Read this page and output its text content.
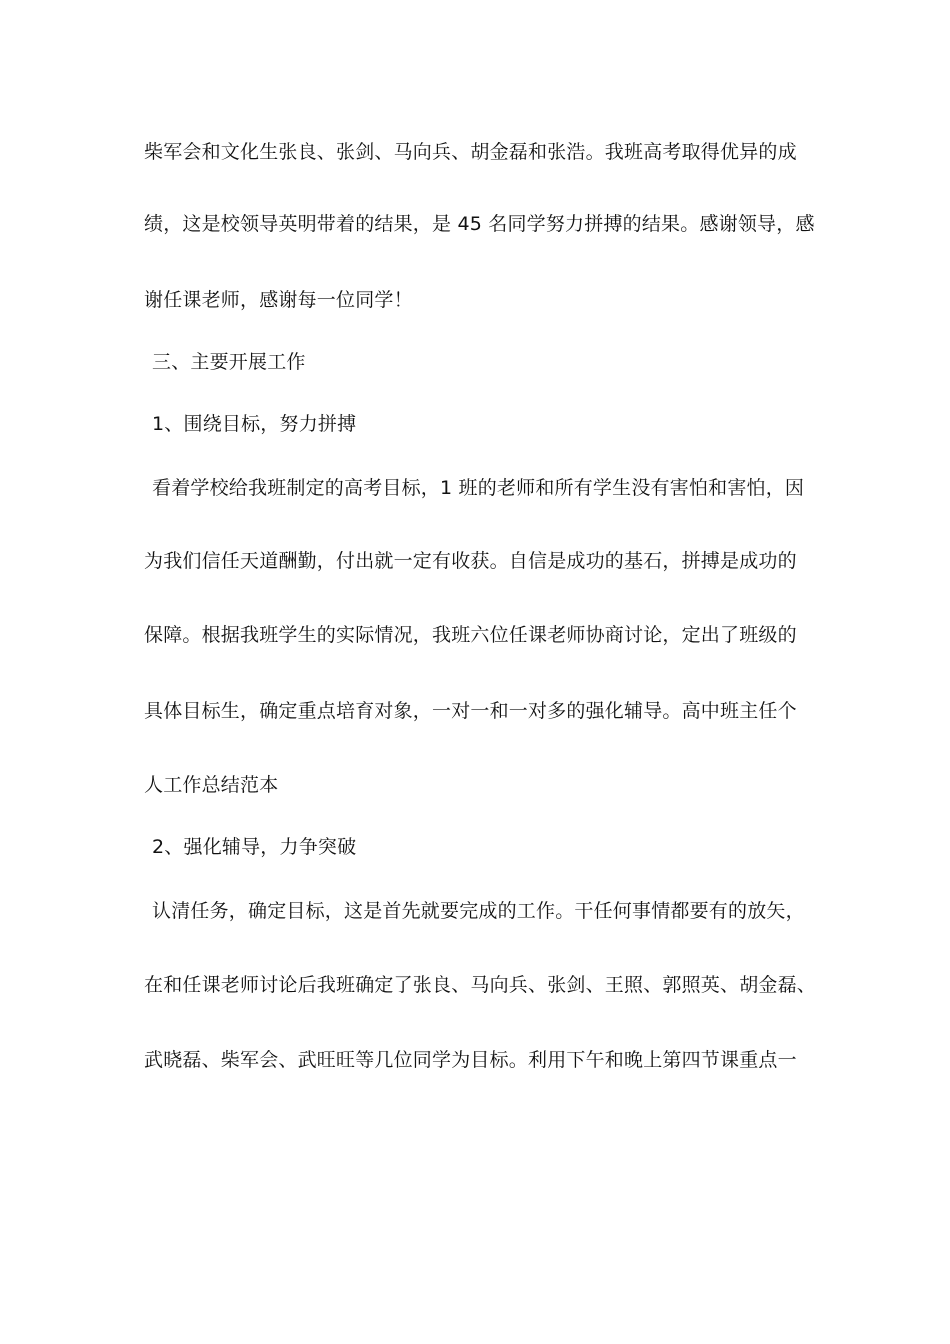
柴军会和文化生张良、张剑、马向兵、胡金磊和张浩。我班高考取得优异的成
绩，这是校领导英明带着的结果，是 45 名同学努力拼搏的结果。感谢领导，感
谢任课老师，感谢每一位同学！
三、主要开展工作
1、围绕目标，努力拼搏
看着学校给我班制定的高考目标，1 班的老师和所有学生没有害怕和害怕，因
为我们信任天道酬勤，付出就一定有收获。自信是成功的基石，拼搏是成功的
保障。根据我班学生的实际情况，我班六位任课老师协商讨论，定出了班级的
具体目标生，确定重点培育对象，一对一和一对多的强化辅导。高中班主任个
人工作总结范本
2、强化辅导，力争突破
认清任务，确定目标，这是首先就要完成的工作。干任何事情都要有的放矢，
在和任课老师讨论后我班确定了张良、马向兵、张剑、王照、郭照英、胡金磊、
武晓磊、柴军会、武旺旺等几位同学为目标。利用下午和晚上第四节课重点一
